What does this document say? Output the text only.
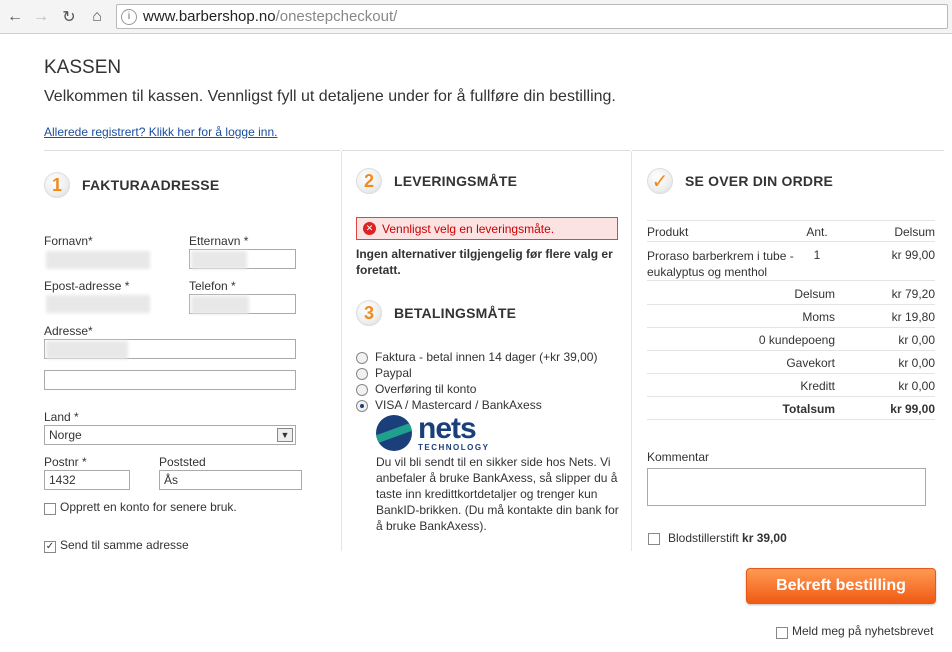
← → ↻	⌂	i www.barbershop.no /onestepcheckout/
KASSEN
Velkommen til kassen. Vennligst fyll ut detaljene under for å fullføre din bestilling.
Allerede registrert? Klikk her for å logge inn.
1	FAKTURAADRESSE
Fornavn*	Etternavn *
Epost-adresse *	Telefon *
Adresse*
Land *
Norge	▼
Postnr *	Poststed
1432	Ås
Opprett en konto for senere bruk.
✓ Send til samme adresse
2	LEVERINGSMÅTE
✕ Vennligst velg en leveringsmåte.
Ingen alternativer tilgjengelig før flere valg er foretatt.
3	BETALINGSMÅTE
Faktura - betal innen 14 dager (+kr 39,00)
Paypal
Overføring til konto
VISA / Mastercard / BankAxess
nets
TECHNOLOGY
Du vil bli sendt til en sikker side hos Nets. Vi anbefaler å bruke BankAxess, så slipper du å taste inn kredittkortdetaljer og trenger kun BankID-brikken. (Du må kontakte din bank for å bruke BankAxess).
✓	SE OVER DIN ORDRE
Produkt	Ant.	Delsum
Proraso barberkrem i tube - eukalyptus og menthol
1	kr 99,00
Delsum	kr 79,20
Moms	kr 19,80
0 kundepoeng	kr 0,00
Gavekort	kr 0,00
Kreditt	kr 0,00
Totalsum	kr 99,00
Kommentar
Blodstillerstift kr 39,00
Bekreft bestilling
Meld meg på nyhetsbrevet
